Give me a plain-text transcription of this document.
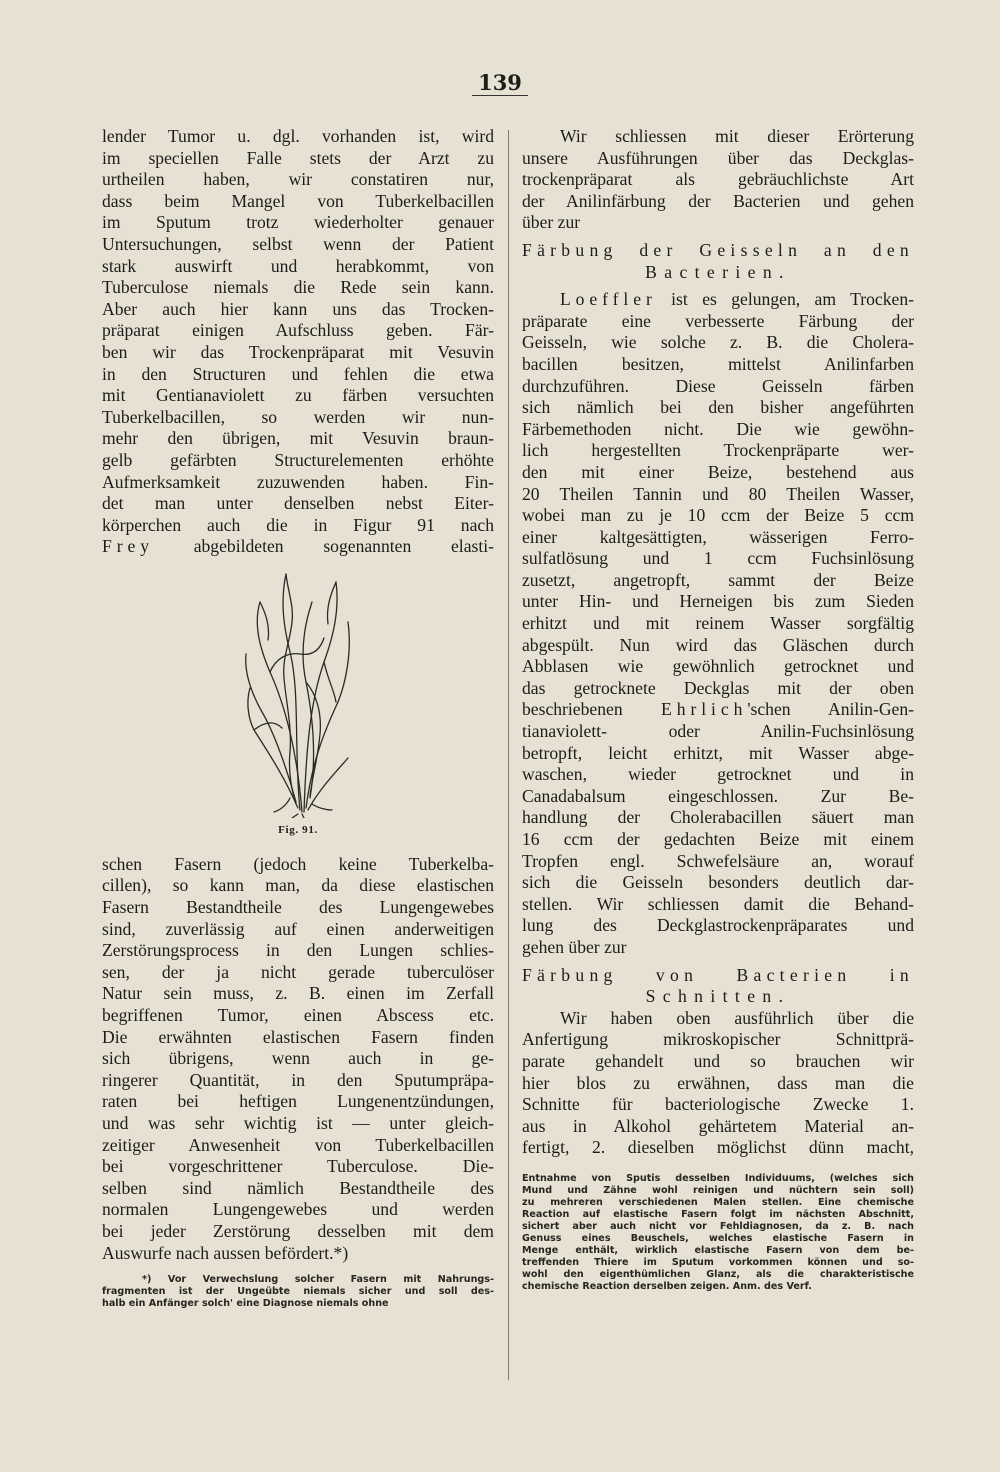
139
lender Tumor u. dgl. vorhanden ist, wird
im speciellen Falle stets der Arzt zu
urtheilen haben, wir constatiren nur,
dass beim Mangel von Tuberkelbacillen
im Sputum trotz wiederholter genauer
Untersuchungen, selbst wenn der Patient
stark auswirft und herabkommt, von
Tuberculose niemals die Rede sein kann.
Aber auch hier kann uns das Trocken-
präparat einigen Aufschluss geben. Fär-
ben wir das Trockenpräparat mit Vesuvin
in den Structuren und fehlen die etwa
mit Gentianaviolett zu färben versuchten
Tuberkelbacillen, so werden wir nun-
mehr den übrigen, mit Vesuvin braun-
gelb gefärbten Structurelementen erhöhte
Aufmerksamkeit zuzuwenden haben. Fin-
det man unter denselben nebst Eiter-
körperchen auch die in Figur 91 nach
Frey abgebildeten sogenannten elasti-
Fig. 91.
schen Fasern (jedoch keine Tuberkelba-
cillen), so kann man, da diese elastischen
Fasern Bestandtheile des Lungengewebes
sind, zuverlässig auf einen anderweitigen
Zerstörungsprocess in den Lungen schlies-
sen, der ja nicht gerade tuberculöser
Natur sein muss, z. B. einen im Zerfall
begriffenen Tumor, einen Abscess etc.
Die erwähnten elastischen Fasern finden
sich übrigens, wenn auch in ge-
ringerer Quantität, in den Sputumpräpa-
raten bei heftigen Lungenentzündungen,
und was sehr wichtig ist — unter gleich-
zeitiger Anwesenheit von Tuberkelbacillen
bei vorgeschrittener Tuberculose. Die-
selben sind nämlich Bestandtheile des
normalen Lungengewebes und werden
bei jeder Zerstörung desselben mit dem
Auswurfe nach aussen befördert.*)
*) Vor Verwechslung solcher Fasern mit Nahrungs-
fragmenten ist der Ungeübte niemals sicher und soll des-
halb ein Anfänger solch' eine Diagnose niemals ohne
Wir schliessen mit dieser Erörterung
unsere Ausführungen über das Deckglas-
trockenpräparat als gebräuchlichste Art
der Anilinfärbung der Bacterien und gehen
über zur
Färbung der Geisseln an den
Bacterien.
Loeffler ist es gelungen, am Trocken-
präparate eine verbesserte Färbung der
Geisseln, wie solche z. B. die Cholera-
bacillen besitzen, mittelst Anilinfarben
durchzuführen. Diese Geisseln färben
sich nämlich bei den bisher angeführten
Färbemethoden nicht. Die wie gewöhn-
lich hergestellten Trockenpräparte wer-
den mit einer Beize, bestehend aus
20 Theilen Tannin und 80 Theilen Wasser,
wobei man zu je 10 ccm der Beize 5 ccm
einer kaltgesättigten, wässerigen Ferro-
sulfatlösung und 1 ccm Fuchsinlösung
zusetzt, angetropft, sammt der Beize
unter Hin- und Herneigen bis zum Sieden
erhitzt und mit reinem Wasser sorgfältig
abgespült. Nun wird das Gläschen durch
Abblasen wie gewöhnlich getrocknet und
das getrocknete Deckglas mit der oben
beschriebenen Ehrlich'schen Anilin-Gen-
tianaviolett- oder Anilin-Fuchsinlösung
betropft, leicht erhitzt, mit Wasser abge-
waschen, wieder getrocknet und in
Canadabalsum eingeschlossen. Zur Be-
handlung der Cholerabacillen säuert man
16 ccm der gedachten Beize mit einem
Tropfen engl. Schwefelsäure an, worauf
sich die Geisseln besonders deutlich dar-
stellen. Wir schliessen damit die Behand-
lung des Deckglastrockenpräparates und
gehen über zur
Färbung von Bacterien in
Schnitten.
Wir haben oben ausführlich über die
Anfertigung mikroskopischer Schnittprä-
parate gehandelt und so brauchen wir
hier blos zu erwähnen, dass man die
Schnitte für bacteriologische Zwecke 1.
aus in Alkohol gehärtetem Material an-
fertigt, 2. dieselben möglichst dünn macht,
Entnahme von Sputis desselben Individuums, (welches sich
Mund und Zähne wohl reinigen und nüchtern sein soll)
zu mehreren verschiedenen Malen stellen. Eine chemische
Reaction auf elastische Fasern folgt im nächsten Abschnitt,
sichert aber auch nicht vor Fehldiagnosen, da z. B. nach
Genuss eines Beuschels, welches elastische Fasern in
Menge enthält, wirklich elastische Fasern von dem be-
treffenden Thiere im Sputum vorkommen können und so-
wohl den eigenthümlichen Glanz, als die charakteristische
chemische Reaction derselben zeigen. Anm. des Verf.
